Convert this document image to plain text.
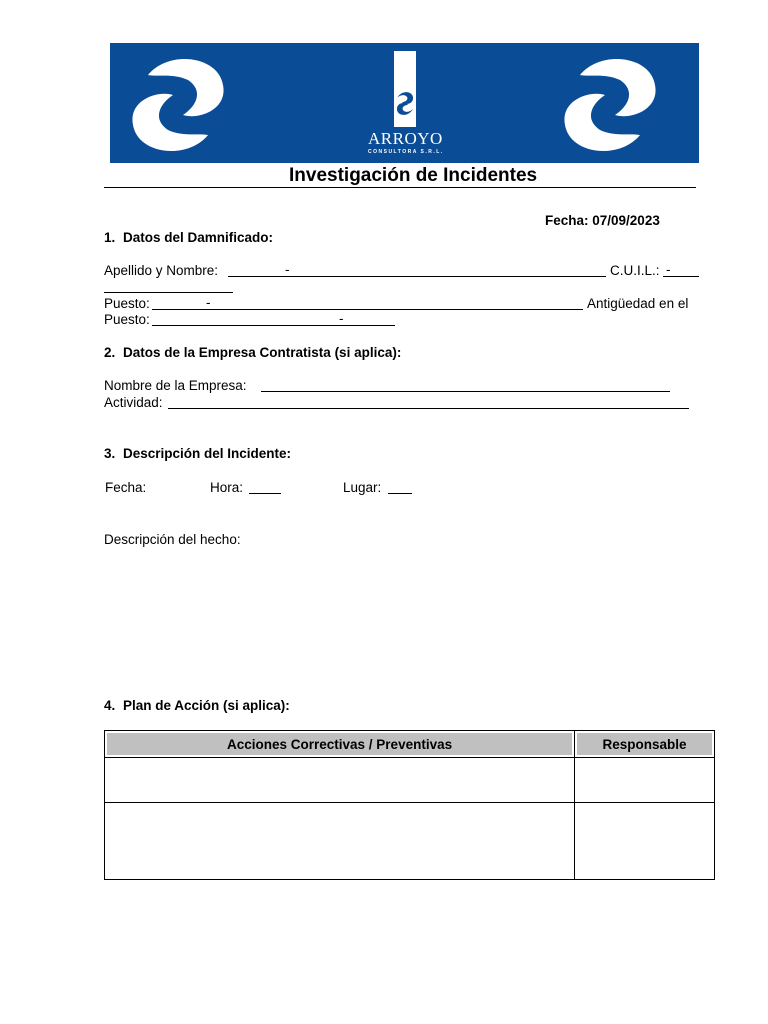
ARROYO
CONSULTORA S.R.L.
Investigación de Incidentes
Fecha: 07/09/2023
1. Datos del Damnificado:
Apellido y Nombre:	-	C.U.I.L.: -
Puesto:	-	Antigüedad en el
Puesto:	-
2. Datos de la Empresa Contratista (si aplica):
Nombre de la Empresa:
Actividad:
3. Descripción del Incidente:
Fecha:	Hora:	Lugar:
Descripción del hecho:
4. Plan de Acción (si aplica):
Acciones Correctivas / Preventivas	Responsable
